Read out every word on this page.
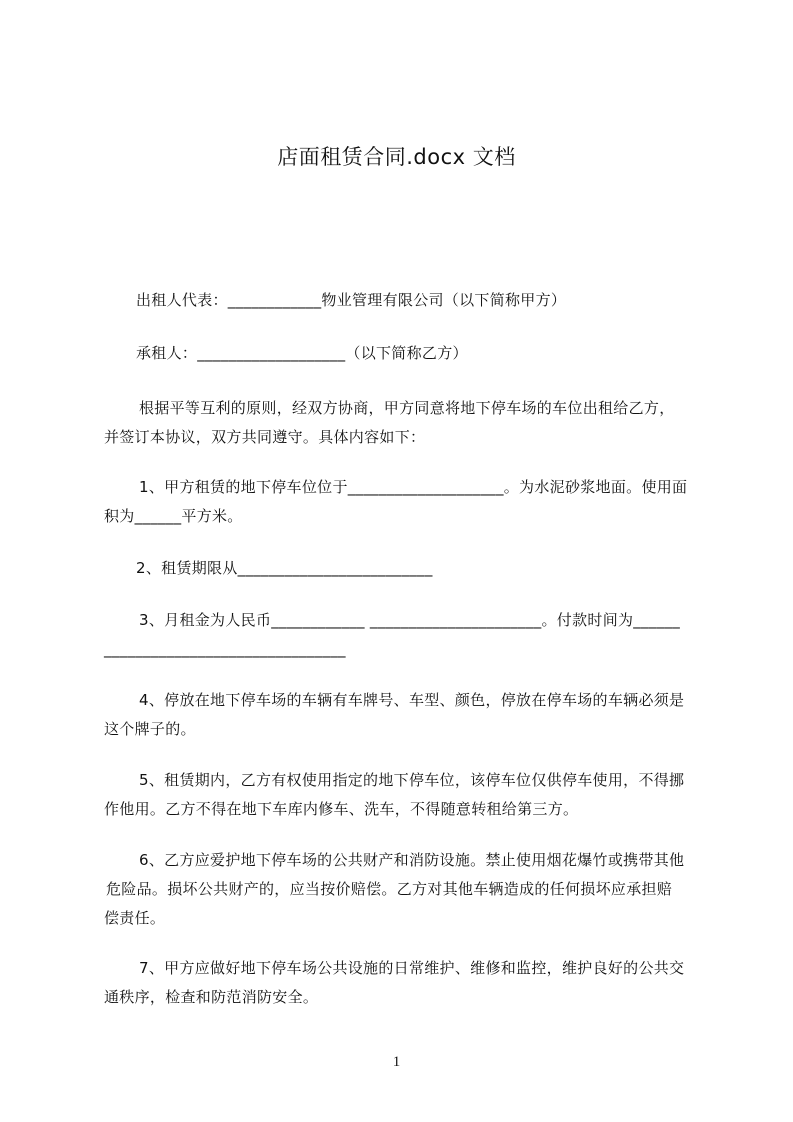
店面租赁合同.docx 文档

出租人代表：____________物业管理有限公司（以下简称甲方）

承租人：___________________（以下简称乙方）

根据平等互利的原则，经双方协商，甲方同意将地下停车场的车位出租给乙方，
并签订本协议，双方共同遵守。具体内容如下：

1、甲方租赁的地下停车位位于____________________。为水泥砂浆地面。使用面
积为______平方米。

2、租赁期限从_________________________

3、月租金为人民币____________ ______________________。付款时间为______
_______________________________

4、停放在地下停车场的车辆有车牌号、车型、颜色，停放在停车场的车辆必须是
这个牌子的。

5、租赁期内，乙方有权使用指定的地下停车位，该停车位仅供停车使用，不得挪
作他用。乙方不得在地下车库内修车、洗车，不得随意转租给第三方。

6、乙方应爱护地下停车场的公共财产和消防设施。禁止使用烟花爆竹或携带其他
危险品。损坏公共财产的，应当按价赔偿。乙方对其他车辆造成的任何损坏应承担赔
偿责任。

7、甲方应做好地下停车场公共设施的日常维护、维修和监控，维护良好的公共交
通秩序，检查和防范消防安全。

1
